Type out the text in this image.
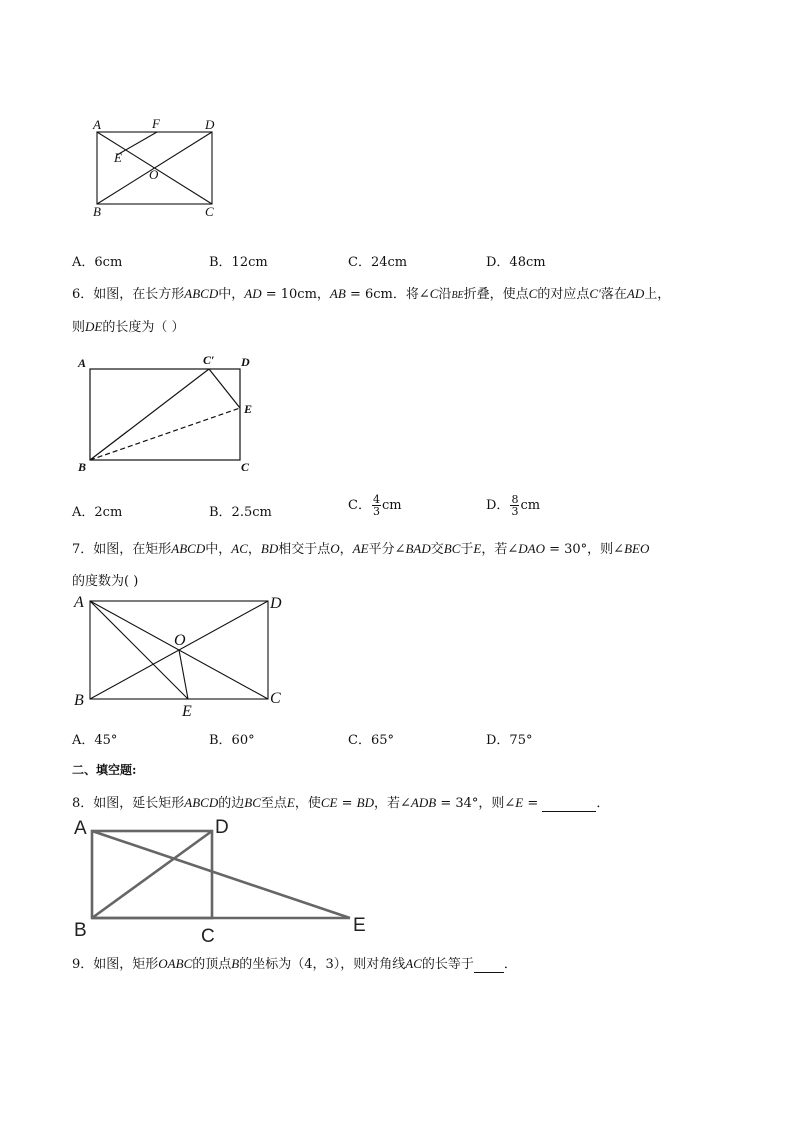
A	F	D
E
O
B	C
A．6cm	B．12cm	C．24cm	D．48cm
6．如图，在长方形ABCD中，AD = 10cm，AB = 6cm．将∠C沿BE折叠，使点C的对应点C′落在AD上，
则DE的长度为（ ）
A	C′ D
E
B	C
A．2cm	B．2.5cm	C． $\frac{4}{3}$ cm	D． $\frac{8}{3}$ cm
7．如图，在矩形ABCD中，AC，BD相交于点O，AE平分∠BAD交BC于E，若∠DAO = 30°，则∠BEO
的度数为( )
A	D
O
B
E
C
A．45°	B．60°	C．65°	D．75°
二、填空题:
8．如图，延长矩形ABCD的边BC至点E，使CE = BD，若∠ADB = 34°，则∠E =	．
A	D
B	C
E
9．如图，矩形OABC的顶点B的坐标为（4，3），则对角线AC的长等于 ．
